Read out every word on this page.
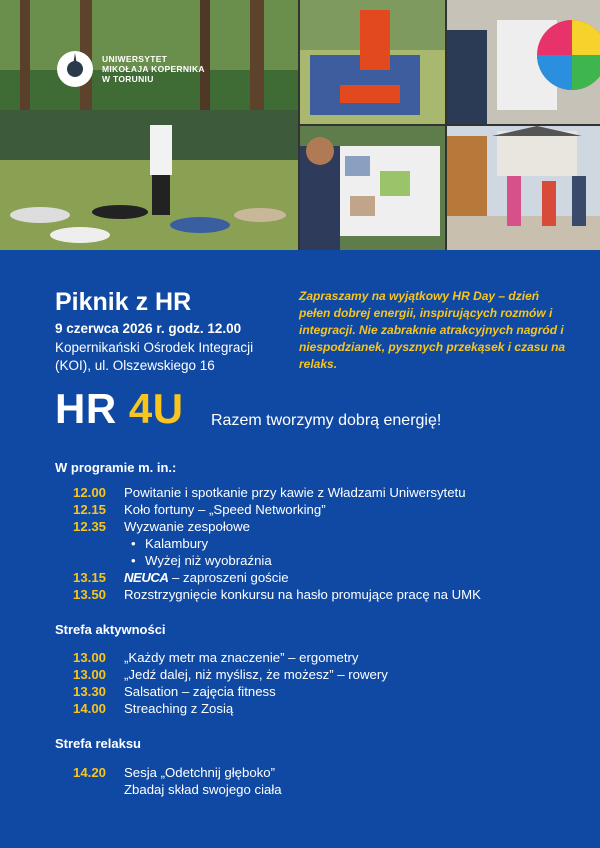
UNIWERSYTET
MIKOŁAJA KOPERNIKA
W TORUNIU
Piknik z HR
9 czerwca 2026 r. godz. 12.00
Kopernikański Ośrodek Integracji
(KOI), ul. Olszewskiego 16
Zapraszamy na wyjątkowy HR Day – dzień pełen dobrej energii, inspirujących rozmów i integracji. Nie zabraknie atrakcyjnych nagród i niespodzianek, pysznych przekąsek i czasu na relaks.
HR 4U Razem tworzymy dobrą energię!
W programie m. in.:
12.00	Powitanie i spotkanie przy kawie z Władzami Uniwersytetu
12.15	Koło fortuny – „Speed Networking”
12.35	Wyzwanie zespołowe
• Kalambury
• Wyżej niż wyobraźnia
13.15	NEUCA – zaproszeni goście
13.50	Rozstrzygnięcie konkursu na hasło promujące pracę na UMK
Strefa aktywności
13.00	„Każdy metr ma znaczenie” – ergometry
13.00	„Jedź dalej, niż myślisz, że możesz” – rowery
13.30	Salsation – zajęcia fitness
14.00	Streaching z Zosią
Strefa relaksu
14.20	Sesja „Odetchnij głęboko”
Zbadaj skład swojego ciała
